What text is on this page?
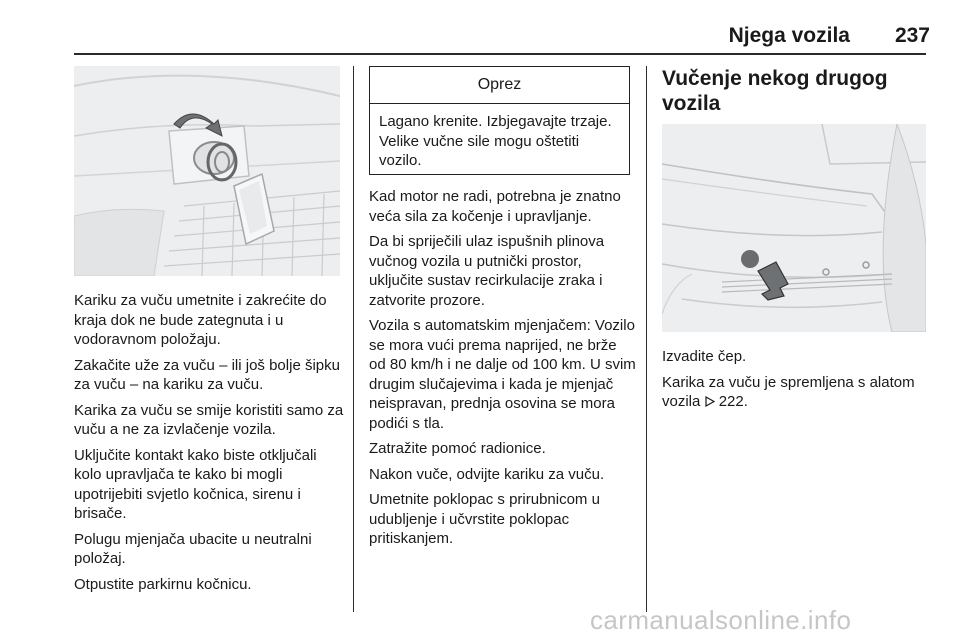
Njega vozila	237

Kariku za vuču umetnite i zakrećite do kraja dok ne bude zategnuta i u vodoravnom položaju.

Zakačite uže za vuču – ili još bolje šipku za vuču – na kariku za vuču.

Karika za vuču se smije koristiti samo za vuču a ne za izvlačenje vozila.

Uključite kontakt kako biste otključali kolo upravljača te kako bi mogli upotrijebiti svjetlo kočnica, sirenu i brisače.

Polugu mjenjača ubacite u neutralni položaj.

Otpustite parkirnu kočnicu.

Oprez
Lagano krenite. Izbjegavajte trzaje. Velike vučne sile mogu oštetiti vozilo.

Kad motor ne radi, potrebna je znatno veća sila za kočenje i upravljanje.

Da bi spriječili ulaz ispušnih plinova vučnog vozila u putnički prostor, uključite sustav recirkulacije zraka i zatvorite prozore.

Vozila s automatskim mjenjačem: Vozilo se mora vući prema naprijed, ne brže od 80 km/h i ne dalje od 100 km. U svim drugim slučajevima i kada je mjenjač neispravan, prednja osovina se mora podići s tla.

Zatražite pomoć radionice.

Nakon vuče, odvijte kariku za vuču.

Umetnite poklopac s prirubnicom u udubljenje i učvrstite poklopac pritiskanjem.

Vučenje nekog drugog vozila

Izvadite čep.

Karika za vuču je spremljena s alatom vozila 222.

carmanualsonline.info
